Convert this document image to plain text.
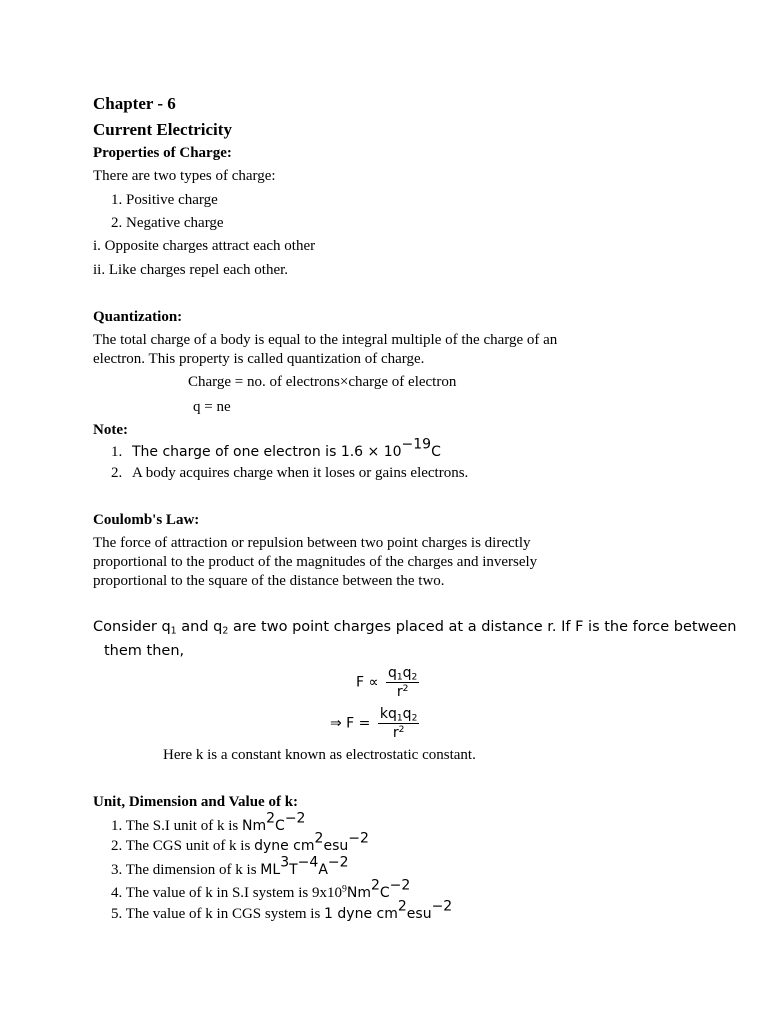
Chapter - 6
Current Electricity
Properties of Charge:
There are two types of charge:
1. Positive charge
2. Negative charge
i. Opposite charges attract each other
ii. Like charges repel each other.
Quantization:
The total charge of a body is equal to the integral multiple of the charge of an
electron. This property is called quantization of charge.
Charge = no. of electrons×charge of electron
q = ne
Note:
1. The charge of one electron is $1.6 \times 10^{-19}C$
2. A body acquires charge when it loses or gains electrons.
Coulomb's Law:
The force of attraction or repulsion between two point charges is directly
proportional to the product of the magnitudes of the charges and inversely
proportional to the square of the distance between the two.
Consider $q_1$ and $q_2$ are two point charges placed at a distance r. If F is the force between
them then,
$F \propto \frac{q_1q_2}{r^2}$
⇒ $F = \frac{kq_1q_2}{r^2}$
Here k is a constant known as electrostatic constant.
Unit, Dimension and Value of k:
1. The S.I unit of k is $Nm^2C^{-2}$
2. The CGS unit of k is dyne $cm^2esu^{-2}$
3. The dimension of k is $ML^3T^{-4}A^{-2}$
4. The value of k in S.I system is $9x10^9Nm^2C^{-2}$
5. The value of k in CGS system is 1 dyne $cm^2esu^{-2}$
